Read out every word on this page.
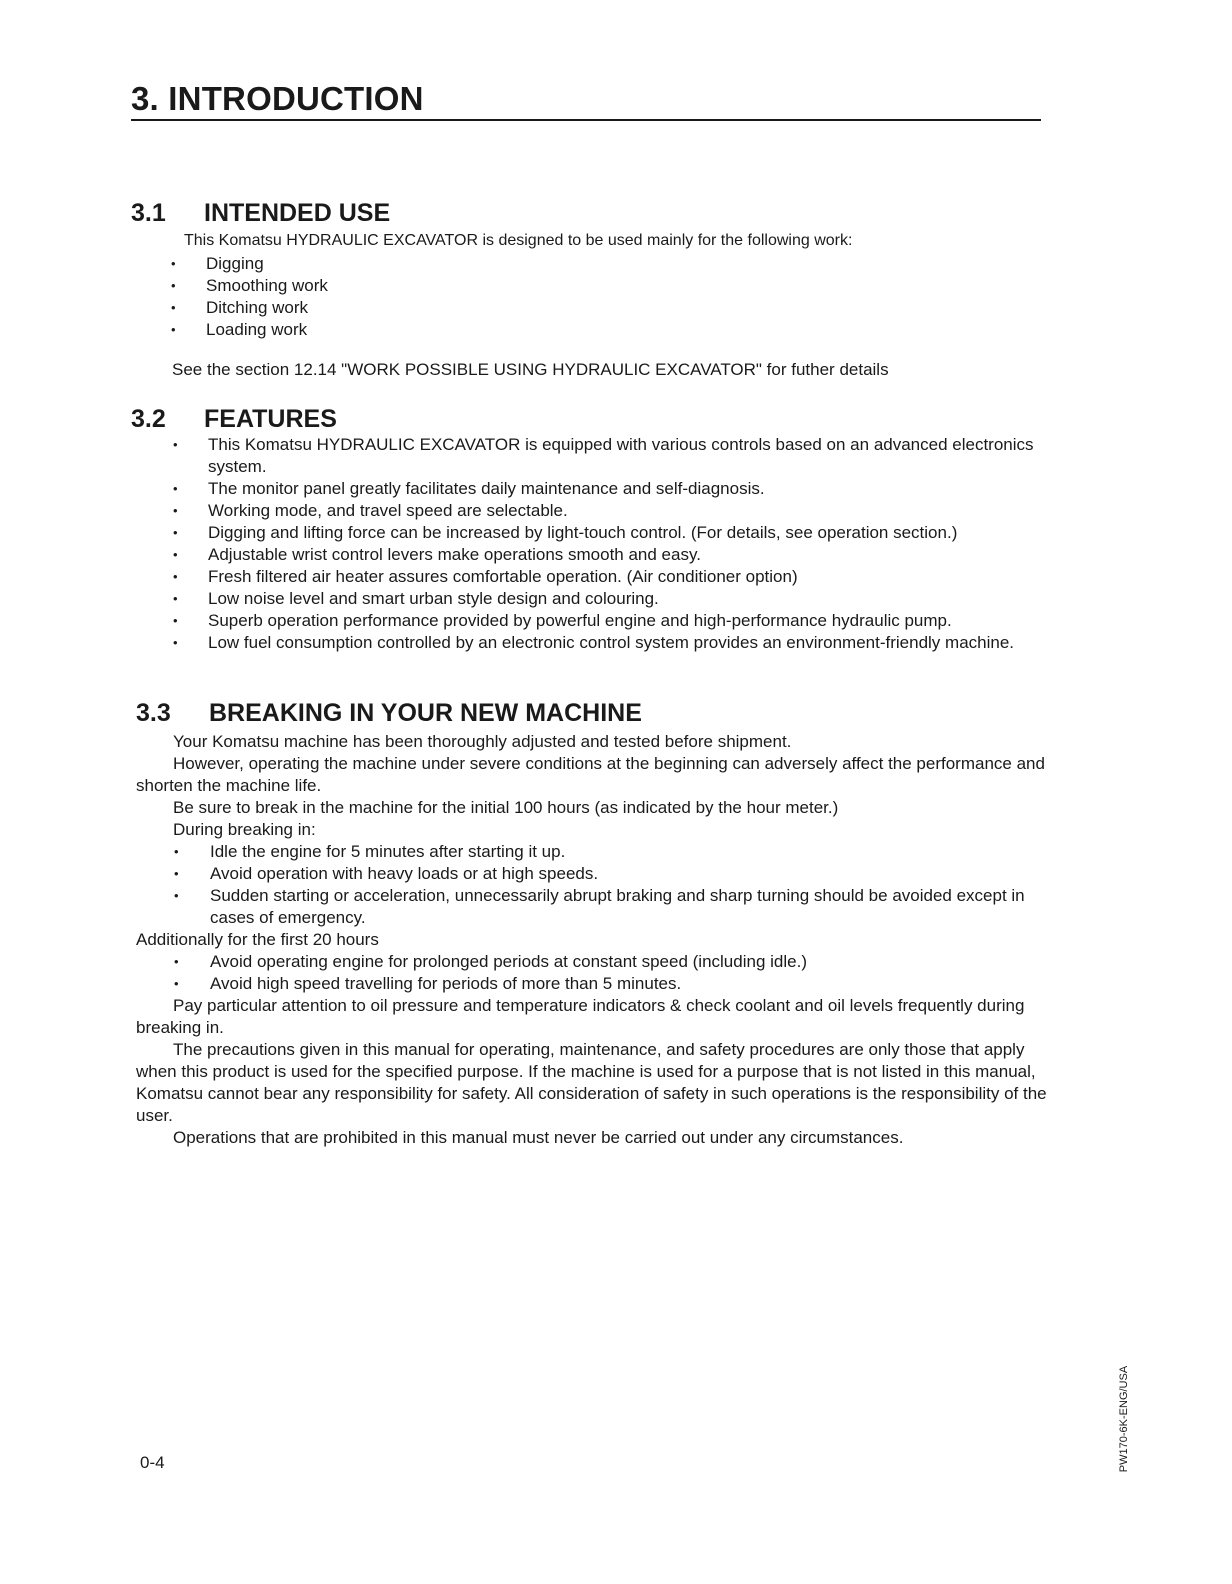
3. INTRODUCTION
3.1 INTENDED USE
This Komatsu HYDRAULIC EXCAVATOR is designed to be used mainly for the following work:
• Digging
• Smoothing work
• Ditching work
• Loading work
See the section 12.14 "WORK POSSIBLE USING HYDRAULIC EXCAVATOR" for futher details
3.2 FEATURES
• This Komatsu HYDRAULIC EXCAVATOR is equipped with various controls based on an advanced electronics system.
• The monitor panel greatly facilitates daily maintenance and self-diagnosis.
• Working mode, and travel speed are selectable.
• Digging and lifting force can be increased by light-touch control. (For details, see operation section.)
• Adjustable wrist control levers make operations smooth and easy.
• Fresh filtered air heater assures comfortable operation. (Air conditioner option)
• Low noise level and smart urban style design and colouring.
• Superb operation performance provided by powerful engine and high-performance hydraulic pump.
• Low fuel consumption controlled by an electronic control system provides an environment-friendly machine.
3.3 BREAKING IN YOUR NEW MACHINE

Your Komatsu machine has been thoroughly adjusted and tested before shipment.

However, operating the machine under severe conditions at the beginning can adversely affect the performance and shorten the machine life.

Be sure to break in the machine for the initial 100 hours (as indicated by the hour meter.)

During breaking in:

• Idle the engine for 5 minutes after starting it up.
• Avoid operation with heavy loads or at high speeds.
• Sudden starting or acceleration, unnecessarily abrupt braking and sharp turning should be avoided except in cases of emergency.

Additionally for the first 20 hours

• Avoid operating engine for prolonged periods at constant speed (including idle.)
• Avoid high speed travelling for periods of more than 5 minutes.

Pay particular attention to oil pressure and temperature indicators & check coolant and oil levels frequently during breaking in.

The precautions given in this manual for operating, maintenance, and safety procedures are only those that apply when this product is used for the specified purpose. If the machine is used for a purpose that is not listed in this manual, Komatsu cannot bear any responsibility for safety. All consideration of safety in such operations is the responsibility of the user.

Operations that are prohibited in this manual must never be carried out under any circumstances.

0-4	PW170-6K-ENG/USA
